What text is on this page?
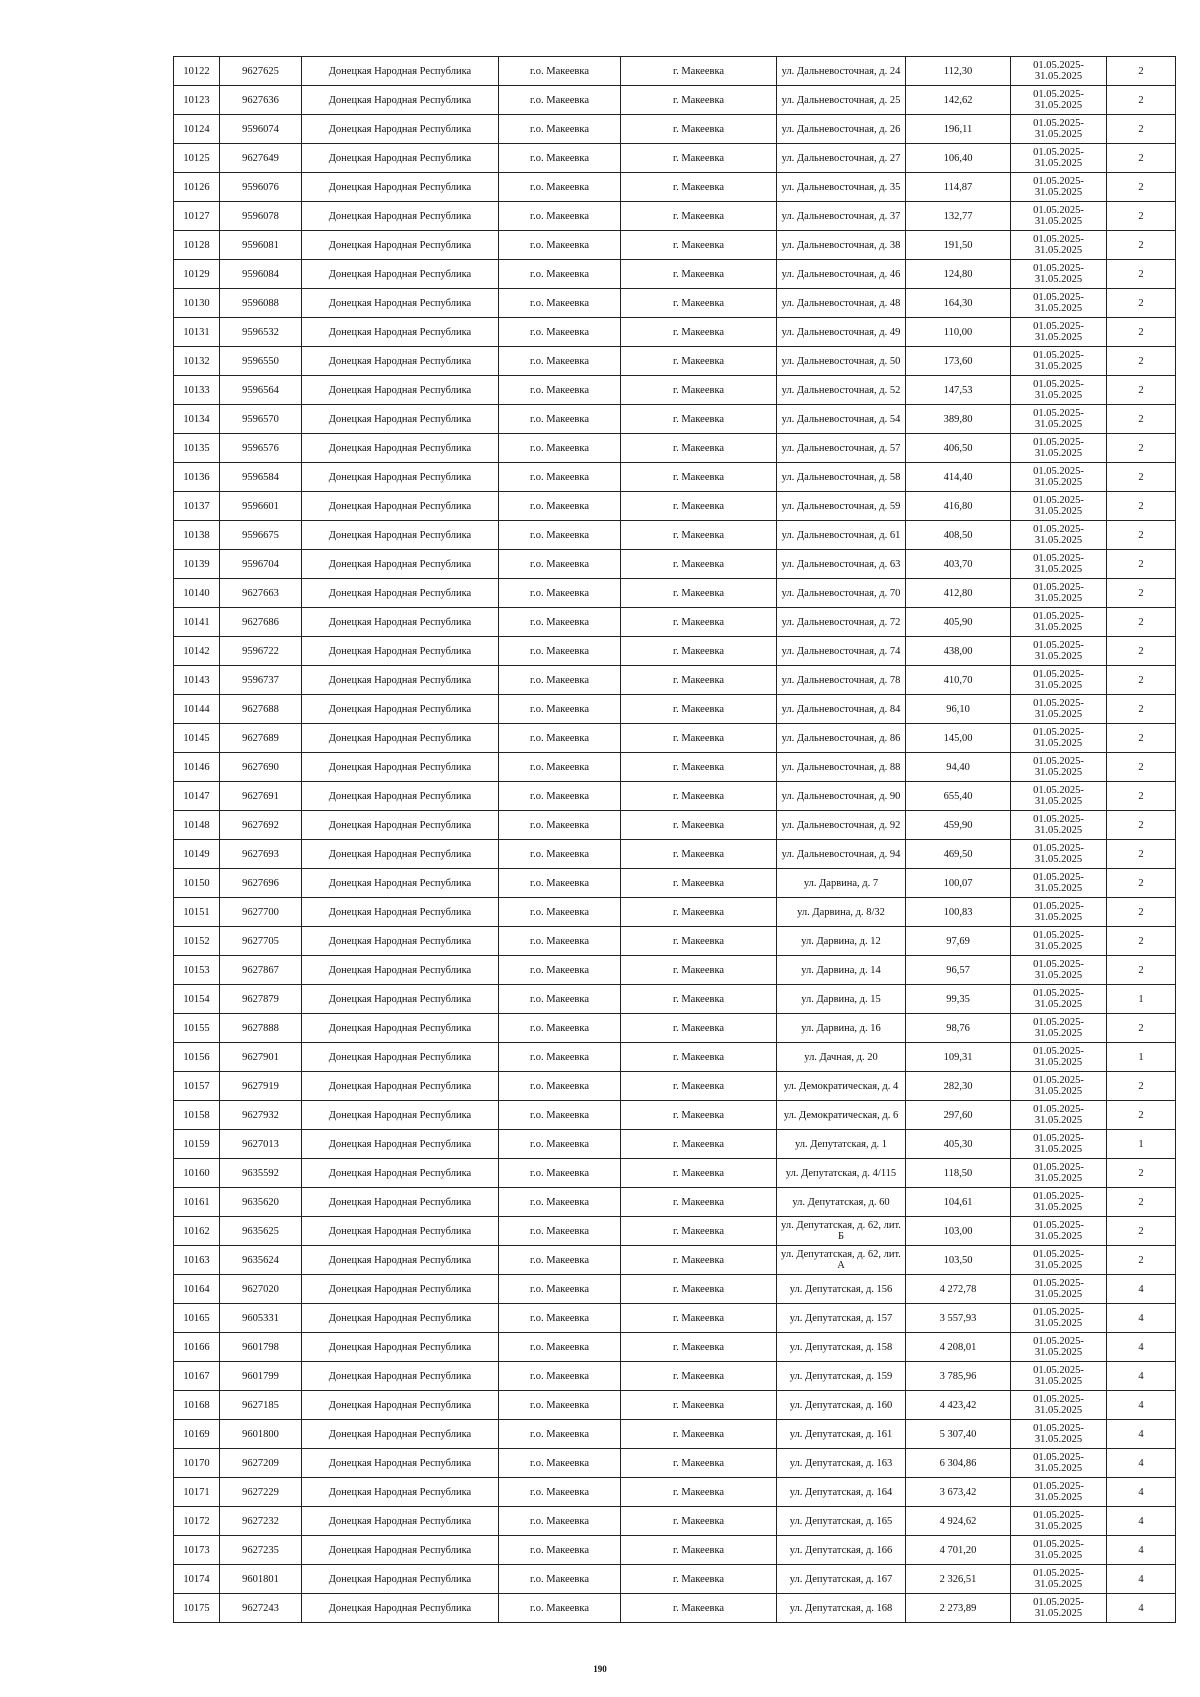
10122	9627625	Донецкая Народная Республика	г.о. Макеевка	г. Макеевка	ул. Дальневосточная, д. 24	112,30	01.05.2025-31.05.2025	2
10123	9627636	Донецкая Народная Республика	г.о. Макеевка	г. Макеевка	ул. Дальневосточная, д. 25	142,62	01.05.2025-31.05.2025	2
10124	9596074	Донецкая Народная Республика	г.о. Макеевка	г. Макеевка	ул. Дальневосточная, д. 26	196,11	01.05.2025-31.05.2025	2
10125	9627649	Донецкая Народная Республика	г.о. Макеевка	г. Макеевка	ул. Дальневосточная, д. 27	106,40	01.05.2025-31.05.2025	2
10126	9596076	Донецкая Народная Республика	г.о. Макеевка	г. Макеевка	ул. Дальневосточная, д. 35	114,87	01.05.2025-31.05.2025	2
10127	9596078	Донецкая Народная Республика	г.о. Макеевка	г. Макеевка	ул. Дальневосточная, д. 37	132,77	01.05.2025-31.05.2025	2
10128	9596081	Донецкая Народная Республика	г.о. Макеевка	г. Макеевка	ул. Дальневосточная, д. 38	191,50	01.05.2025-31.05.2025	2
10129	9596084	Донецкая Народная Республика	г.о. Макеевка	г. Макеевка	ул. Дальневосточная, д. 46	124,80	01.05.2025-31.05.2025	2
10130	9596088	Донецкая Народная Республика	г.о. Макеевка	г. Макеевка	ул. Дальневосточная, д. 48	164,30	01.05.2025-31.05.2025	2
10131	9596532	Донецкая Народная Республика	г.о. Макеевка	г. Макеевка	ул. Дальневосточная, д. 49	110,00	01.05.2025-31.05.2025	2
10132	9596550	Донецкая Народная Республика	г.о. Макеевка	г. Макеевка	ул. Дальневосточная, д. 50	173,60	01.05.2025-31.05.2025	2
10133	9596564	Донецкая Народная Республика	г.о. Макеевка	г. Макеевка	ул. Дальневосточная, д. 52	147,53	01.05.2025-31.05.2025	2
10134	9596570	Донецкая Народная Республика	г.о. Макеевка	г. Макеевка	ул. Дальневосточная, д. 54	389,80	01.05.2025-31.05.2025	2
10135	9596576	Донецкая Народная Республика	г.о. Макеевка	г. Макеевка	ул. Дальневосточная, д. 57	406,50	01.05.2025-31.05.2025	2
10136	9596584	Донецкая Народная Республика	г.о. Макеевка	г. Макеевка	ул. Дальневосточная, д. 58	414,40	01.05.2025-31.05.2025	2
10137	9596601	Донецкая Народная Республика	г.о. Макеевка	г. Макеевка	ул. Дальневосточная, д. 59	416,80	01.05.2025-31.05.2025	2
10138	9596675	Донецкая Народная Республика	г.о. Макеевка	г. Макеевка	ул. Дальневосточная, д. 61	408,50	01.05.2025-31.05.2025	2
10139	9596704	Донецкая Народная Республика	г.о. Макеевка	г. Макеевка	ул. Дальневосточная, д. 63	403,70	01.05.2025-31.05.2025	2
10140	9627663	Донецкая Народная Республика	г.о. Макеевка	г. Макеевка	ул. Дальневосточная, д. 70	412,80	01.05.2025-31.05.2025	2
10141	9627686	Донецкая Народная Республика	г.о. Макеевка	г. Макеевка	ул. Дальневосточная, д. 72	405,90	01.05.2025-31.05.2025	2
10142	9596722	Донецкая Народная Республика	г.о. Макеевка	г. Макеевка	ул. Дальневосточная, д. 74	438,00	01.05.2025-31.05.2025	2
10143	9596737	Донецкая Народная Республика	г.о. Макеевка	г. Макеевка	ул. Дальневосточная, д. 78	410,70	01.05.2025-31.05.2025	2
10144	9627688	Донецкая Народная Республика	г.о. Макеевка	г. Макеевка	ул. Дальневосточная, д. 84	96,10	01.05.2025-31.05.2025	2
10145	9627689	Донецкая Народная Республика	г.о. Макеевка	г. Макеевка	ул. Дальневосточная, д. 86	145,00	01.05.2025-31.05.2025	2
10146	9627690	Донецкая Народная Республика	г.о. Макеевка	г. Макеевка	ул. Дальневосточная, д. 88	94,40	01.05.2025-31.05.2025	2
10147	9627691	Донецкая Народная Республика	г.о. Макеевка	г. Макеевка	ул. Дальневосточная, д. 90	655,40	01.05.2025-31.05.2025	2
10148	9627692	Донецкая Народная Республика	г.о. Макеевка	г. Макеевка	ул. Дальневосточная, д. 92	459,90	01.05.2025-31.05.2025	2
10149	9627693	Донецкая Народная Республика	г.о. Макеевка	г. Макеевка	ул. Дальневосточная, д. 94	469,50	01.05.2025-31.05.2025	2
10150	9627696	Донецкая Народная Республика	г.о. Макеевка	г. Макеевка	ул. Дарвина, д. 7	100,07	01.05.2025-31.05.2025	2
10151	9627700	Донецкая Народная Республика	г.о. Макеевка	г. Макеевка	ул. Дарвина, д. 8/32	100,83	01.05.2025-31.05.2025	2
10152	9627705	Донецкая Народная Республика	г.о. Макеевка	г. Макеевка	ул. Дарвина, д. 12	97,69	01.05.2025-31.05.2025	2
10153	9627867	Донецкая Народная Республика	г.о. Макеевка	г. Макеевка	ул. Дарвина, д. 14	96,57	01.05.2025-31.05.2025	2
10154	9627879	Донецкая Народная Республика	г.о. Макеевка	г. Макеевка	ул. Дарвина, д. 15	99,35	01.05.2025-31.05.2025	1
10155	9627888	Донецкая Народная Республика	г.о. Макеевка	г. Макеевка	ул. Дарвина, д. 16	98,76	01.05.2025-31.05.2025	2
10156	9627901	Донецкая Народная Республика	г.о. Макеевка	г. Макеевка	ул. Дачная, д. 20	109,31	01.05.2025-31.05.2025	1
10157	9627919	Донецкая Народная Республика	г.о. Макеевка	г. Макеевка	ул. Демократическая, д. 4	282,30	01.05.2025-31.05.2025	2
10158	9627932	Донецкая Народная Республика	г.о. Макеевка	г. Макеевка	ул. Демократическая, д. 6	297,60	01.05.2025-31.05.2025	2
10159	9627013	Донецкая Народная Республика	г.о. Макеевка	г. Макеевка	ул. Депутатская, д. 1	405,30	01.05.2025-31.05.2025	1
10160	9635592	Донецкая Народная Республика	г.о. Макеевка	г. Макеевка	ул. Депутатская, д. 4/115	118,50	01.05.2025-31.05.2025	2
10161	9635620	Донецкая Народная Республика	г.о. Макеевка	г. Макеевка	ул. Депутатская, д. 60	104,61	01.05.2025-31.05.2025	2
10162	9635625	Донецкая Народная Республика	г.о. Макеевка	г. Макеевка	ул. Депутатская, д. 62, лит. Б	103,00	01.05.2025-31.05.2025	2
10163	9635624	Донецкая Народная Республика	г.о. Макеевка	г. Макеевка	ул. Депутатская, д. 62, лит. А	103,50	01.05.2025-31.05.2025	2
10164	9627020	Донецкая Народная Республика	г.о. Макеевка	г. Макеевка	ул. Депутатская, д. 156	4 272,78	01.05.2025-31.05.2025	4
10165	9605331	Донецкая Народная Республика	г.о. Макеевка	г. Макеевка	ул. Депутатская, д. 157	3 557,93	01.05.2025-31.05.2025	4
10166	9601798	Донецкая Народная Республика	г.о. Макеевка	г. Макеевка	ул. Депутатская, д. 158	4 208,01	01.05.2025-31.05.2025	4
10167	9601799	Донецкая Народная Республика	г.о. Макеевка	г. Макеевка	ул. Депутатская, д. 159	3 785,96	01.05.2025-31.05.2025	4
10168	9627185	Донецкая Народная Республика	г.о. Макеевка	г. Макеевка	ул. Депутатская, д. 160	4 423,42	01.05.2025-31.05.2025	4
10169	9601800	Донецкая Народная Республика	г.о. Макеевка	г. Макеевка	ул. Депутатская, д. 161	5 307,40	01.05.2025-31.05.2025	4
10170	9627209	Донецкая Народная Республика	г.о. Макеевка	г. Макеевка	ул. Депутатская, д. 163	6 304,86	01.05.2025-31.05.2025	4
10171	9627229	Донецкая Народная Республика	г.о. Макеевка	г. Макеевка	ул. Депутатская, д. 164	3 673,42	01.05.2025-31.05.2025	4
10172	9627232	Донецкая Народная Республика	г.о. Макеевка	г. Макеевка	ул. Депутатская, д. 165	4 924,62	01.05.2025-31.05.2025	4
10173	9627235	Донецкая Народная Республика	г.о. Макеевка	г. Макеевка	ул. Депутатская, д. 166	4 701,20	01.05.2025-31.05.2025	4
10174	9601801	Донецкая Народная Республика	г.о. Макеевка	г. Макеевка	ул. Депутатская, д. 167	2 326,51	01.05.2025-31.05.2025	4
10175	9627243	Донецкая Народная Республика	г.о. Макеевка	г. Макеевка	ул. Депутатская, д. 168	2 273,89	01.05.2025-31.05.2025	4
190
